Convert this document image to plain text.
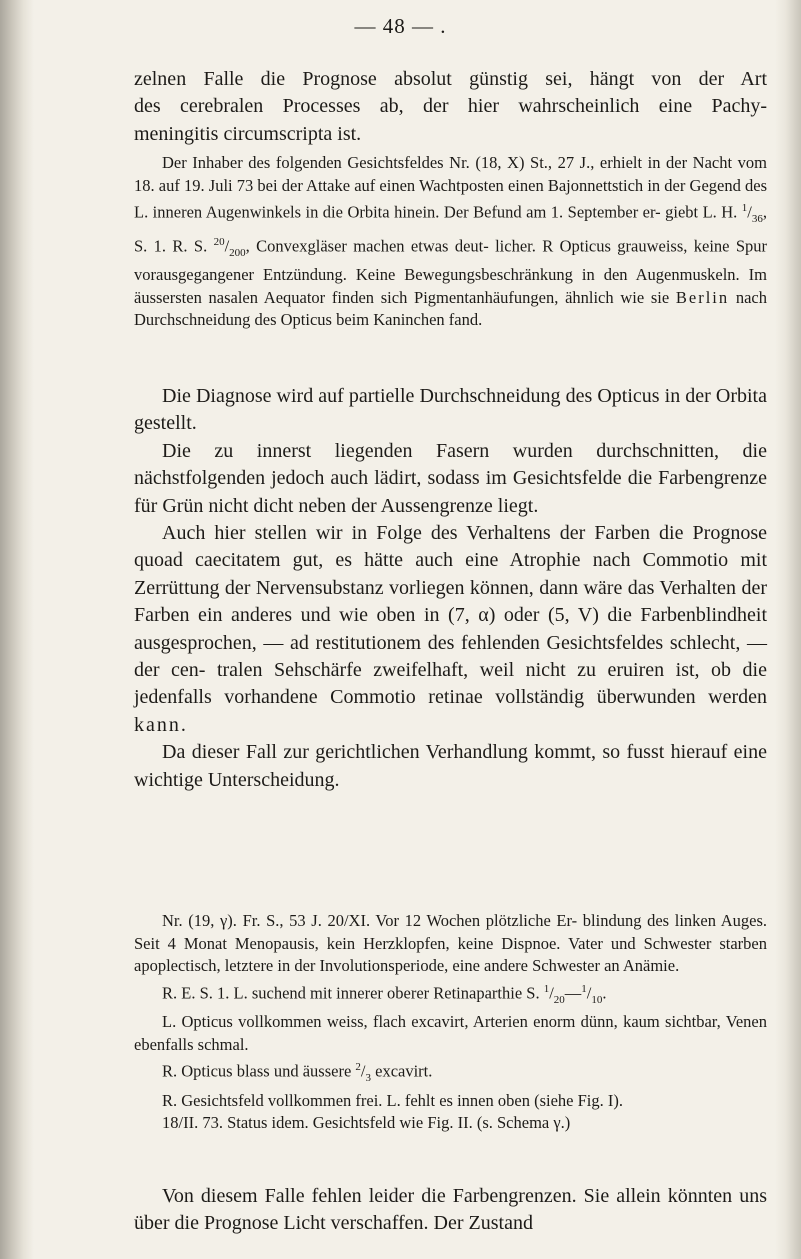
— 48 — .

zelnen Falle die Prognose absolut günstig sei, hängt von der Art

des cerebralen Processes ab, der hier wahrscheinlich eine Pachy-

meningitis circumscripta ist.

Der Inhaber des folgenden Gesichtsfeldes Nr. (18, X) St., 27 J., erhielt in der Nacht vom 18. auf 19. Juli 73 bei der Attake auf einen Wachtposten einen Bajonnettstich in der Gegend des L. inneren Augenwinkels in die Orbita hinein. Der Befund am 1. September er- giebt L. H. $^1/_{36}$, S. 1. R. S. $^{20}/_{200}$, Convexgläser machen etwas deut- licher. R Opticus grauweiss, keine Spur vorausgegangener Entzündung. Keine Bewegungsbeschränkung in den Augenmuskeln. Im äussersten nasalen Aequator finden sich Pigmentanhäufungen, ähnlich wie sie Berlin nach Durchschneidung des Opticus beim Kaninchen fand.

Die Diagnose wird auf partielle Durchschneidung des Opticus in der Orbita gestellt.

Die zu innerst liegenden Fasern wurden durchschnitten, die nächstfolgenden jedoch auch lädirt, sodass im Gesichtsfelde die Farbengrenze für Grün nicht dicht neben der Aussengrenze liegt.

Auch hier stellen wir in Folge des Verhaltens der Farben die Prognose quoad caecitatem gut, es hätte auch eine Atrophie nach Commotio mit Zerrüttung der Nervensubstanz vorliegen können, dann wäre das Verhalten der Farben ein anderes und wie oben in (7, α) oder (5, V) die Farbenblindheit ausgesprochen, — ad restitutionem des fehlenden Gesichtsfeldes schlecht, — der cen- tralen Sehschärfe zweifelhaft, weil nicht zu eruiren ist, ob die jedenfalls vorhandene Commotio retinae vollständig überwunden werden kann.

Da dieser Fall zur gerichtlichen Verhandlung kommt, so fusst hierauf eine wichtige Unterscheidung.

Nr. (19, γ). Fr. S., 53 J. 20/XI. Vor 12 Wochen plötzliche Er- blindung des linken Auges. Seit 4 Monat Menopausis, kein Herzklopfen, keine Dispnoe. Vater und Schwester starben apoplectisch, letztere in der Involutionsperiode, eine andere Schwester an Anämie.

R. E. S. 1. L. suchend mit innerer oberer Retinaparthie S. $^1/_{20}—^1/_{10}$.

L. Opticus vollkommen weiss, flach excavirt, Arterien enorm dünn, kaum sichtbar, Venen ebenfalls schmal.

R. Opticus blass und äussere $^2/_3$ excavirt.

R. Gesichtsfeld vollkommen frei. L. fehlt es innen oben (siehe Fig. I).

18/II. 73. Status idem. Gesichtsfeld wie Fig. II. (s. Schema γ.)

Von diesem Falle fehlen leider die Farbengrenzen. Sie allein könnten uns über die Prognose Licht verschaffen. Der Zustand
